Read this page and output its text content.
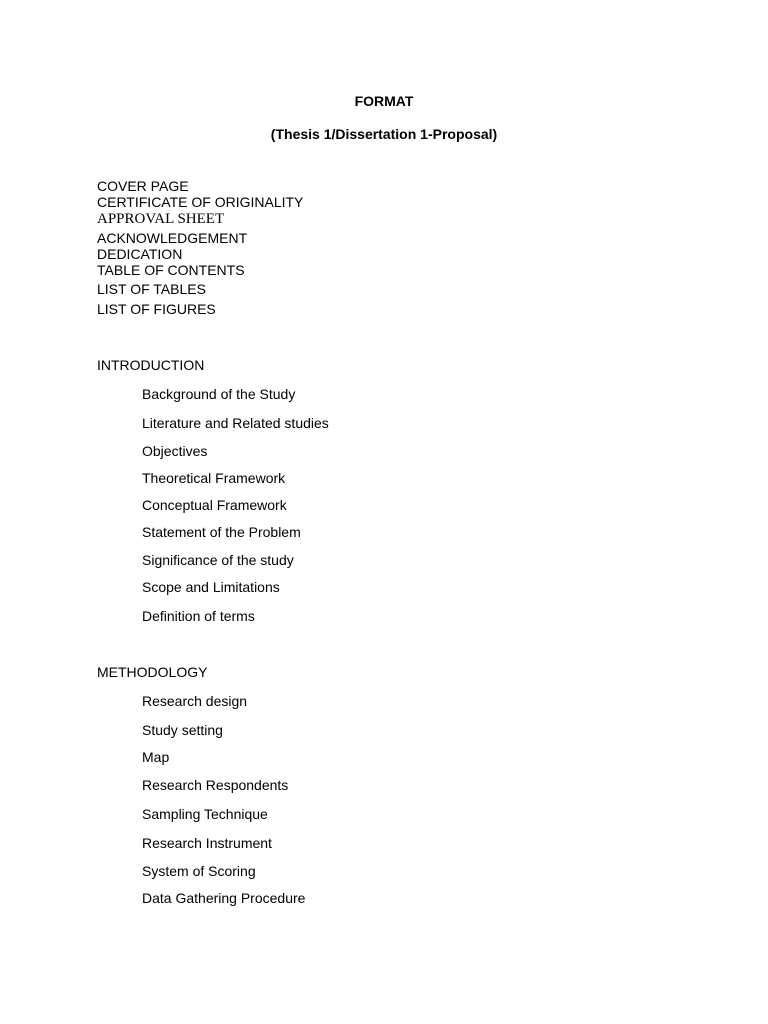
FORMAT

(Thesis 1/Dissertation 1-Proposal)

COVER PAGE

CERTIFICATE OF ORIGINALITY

APPROVAL SHEET

ACKNOWLEDGEMENT

DEDICATION

TABLE OF CONTENTS

LIST OF TABLES

LIST OF FIGURES

INTRODUCTION

Background of the Study

Literature and Related studies

Objectives

Theoretical Framework

Conceptual Framework

Statement of the Problem

Significance of the study

Scope and Limitations

Definition of terms

METHODOLOGY

Research design

Study setting

Map

Research Respondents

Sampling Technique

Research Instrument

System of Scoring

Data Gathering Procedure
